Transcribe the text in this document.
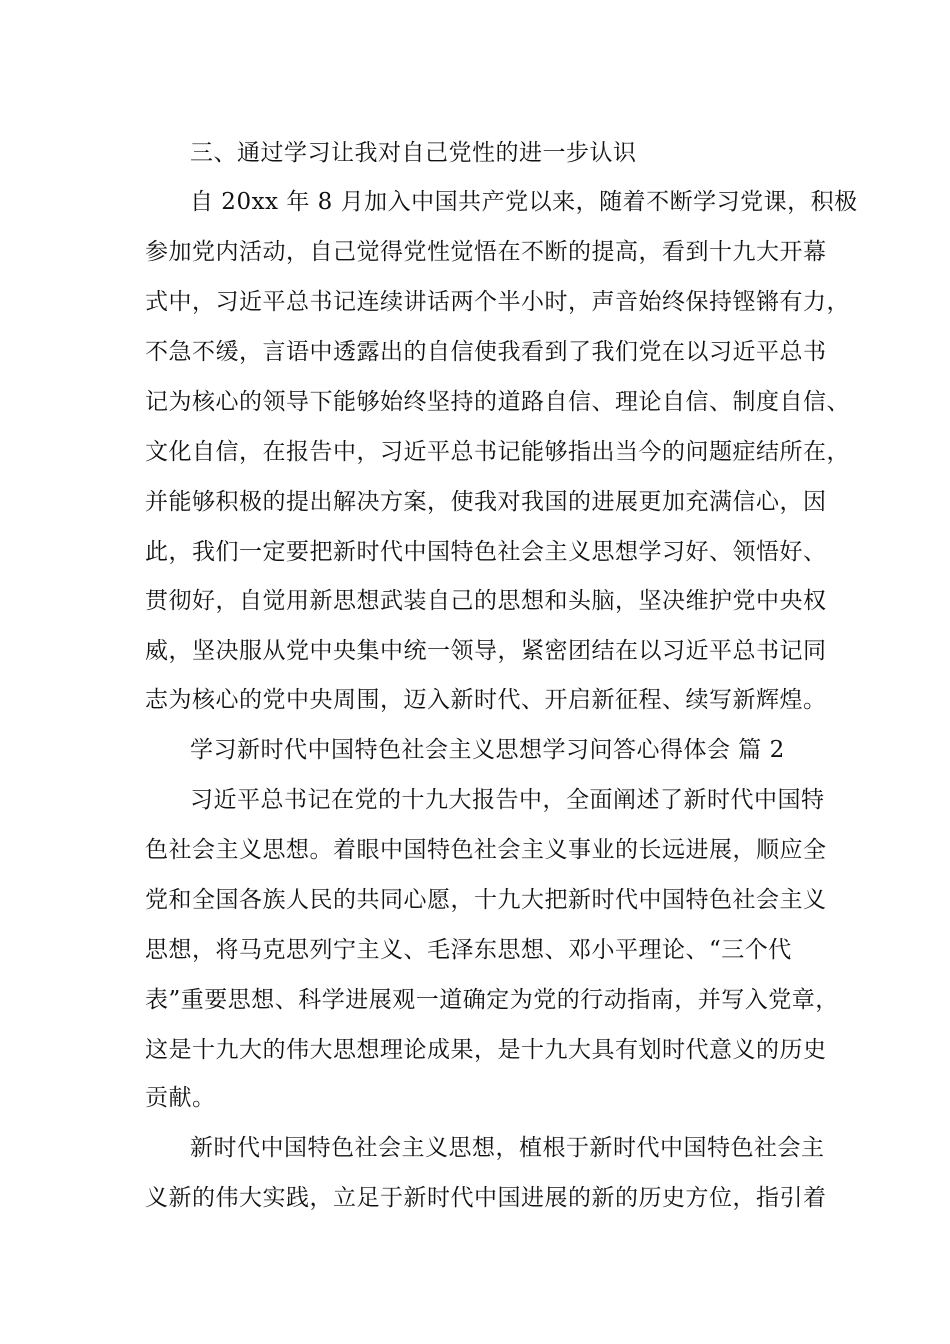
三、通过学习让我对自己党性的进一步认识
自 20xx 年 8 月加入中国共产党以来，随着不断学习党课，积极
参加党内活动，自己觉得党性觉悟在不断的提高，看到十九大开幕
式中，习近平总书记连续讲话两个半小时，声音始终保持铿锵有力，
不急不缓，言语中透露出的自信使我看到了我们党在以习近平总书
记为核心的领导下能够始终坚持的道路自信、理论自信、制度自信、
文化自信，在报告中，习近平总书记能够指出当今的问题症结所在，
并能够积极的提出解决方案，使我对我国的进展更加充满信心，因
此，我们一定要把新时代中国特色社会主义思想学习好、领悟好、
贯彻好，自觉用新思想武装自己的思想和头脑，坚决维护党中央权
威，坚决服从党中央集中统一领导，紧密团结在以习近平总书记同
志为核心的党中央周围，迈入新时代、开启新征程、续写新辉煌。
学习新时代中国特色社会主义思想学习问答心得体会 篇 2
习近平总书记在党的十九大报告中，全面阐述了新时代中国特
色社会主义思想。着眼中国特色社会主义事业的长远进展，顺应全
党和全国各族人民的共同心愿，十九大把新时代中国特色社会主义
思想，将马克思列宁主义、毛泽东思想、邓小平理论、“三个代
表”重要思想、科学进展观一道确定为党的行动指南，并写入党章，
这是十九大的伟大思想理论成果，是十九大具有划时代意义的历史
贡献。
新时代中国特色社会主义思想，植根于新时代中国特色社会主
义新的伟大实践，立足于新时代中国进展的新的历史方位，指引着
